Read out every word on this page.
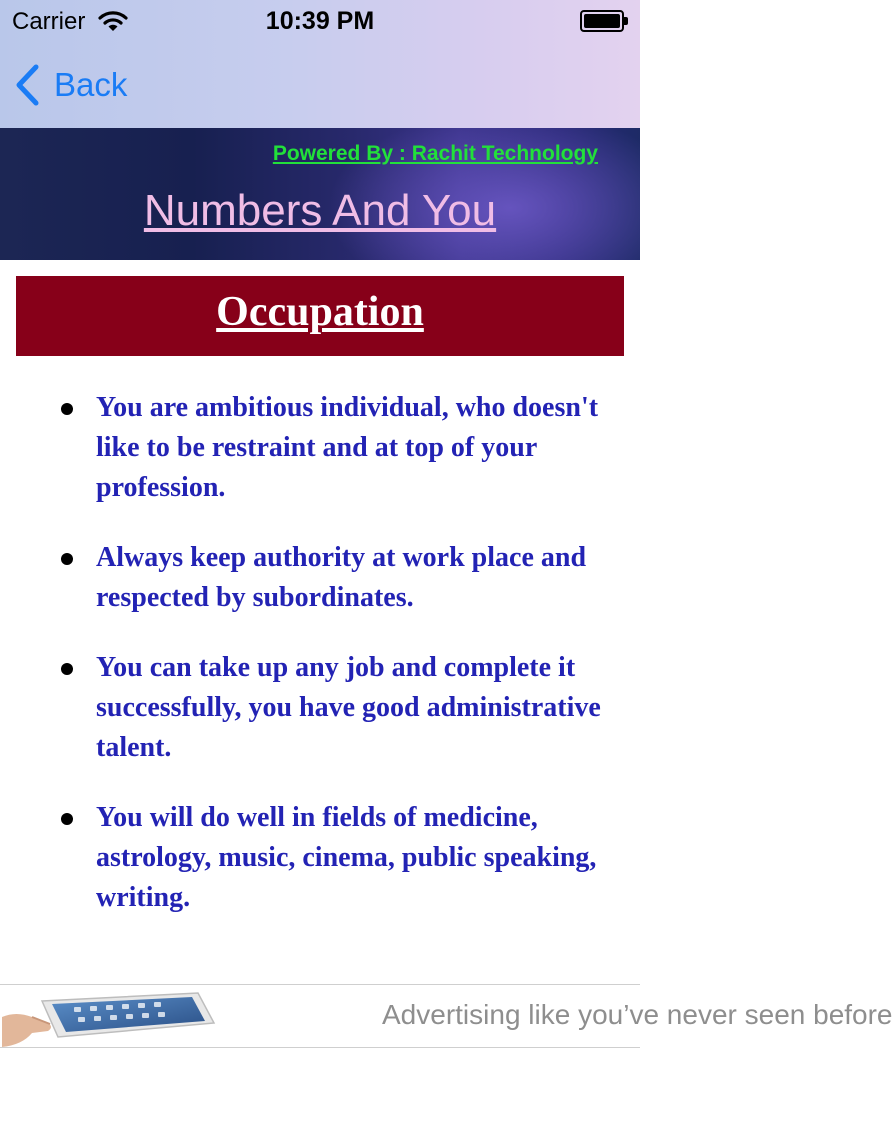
Carrier	10:39 PM
Back
Powered By : Rachit Technology
Numbers And You
Occupation
You are ambitious individual, who doesn't like to be restraint and at top of your profession.
Always keep authority at work place and respected by subordinates.
You can take up any job and complete it successfully, you have good administrative talent.
You will do well in fields of medicine, astrology, music, cinema, public speaking, writing.
Advertising like you’ve never seen before
